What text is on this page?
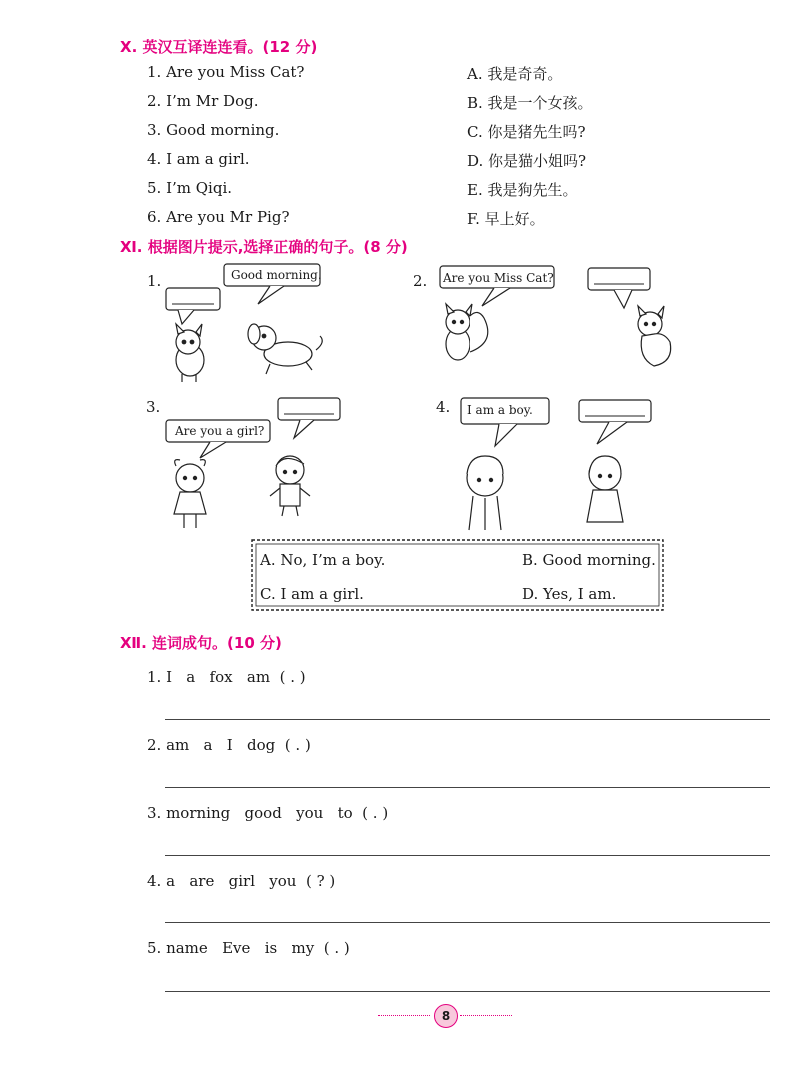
Ⅹ. 英汉互译连连看。(12 分)
1. Are you Miss Cat?
2. I’m Mr Dog.
3. Good morning.
4. I am a girl.
5. I’m Qiqi.
6. Are you Mr Pig?
A. 我是奇奇。
B. 我是一个女孩。
C. 你是猪先生吗?
D. 你是猫小姐吗?
E. 我是狗先生。
F. 早上好。
Ⅺ. 根据图片提示,选择正确的句子。(8 分)
1.	Good morning.	2. Are you Miss Cat?
3.
Are you a girl?
4. I am a boy.
A. No, I’m a boy.	B. Good morning.
C. I am a girl.	D. Yes, I am.
Ⅻ. 连词成句。(10 分)
1. I   a   fox   am  ( . )
2. am   a   I   dog  ( . )
3. morning   good   you   to  ( . )
4. a   are   girl   you  ( ? )
5. name   Eve   is   my  ( . )
8
